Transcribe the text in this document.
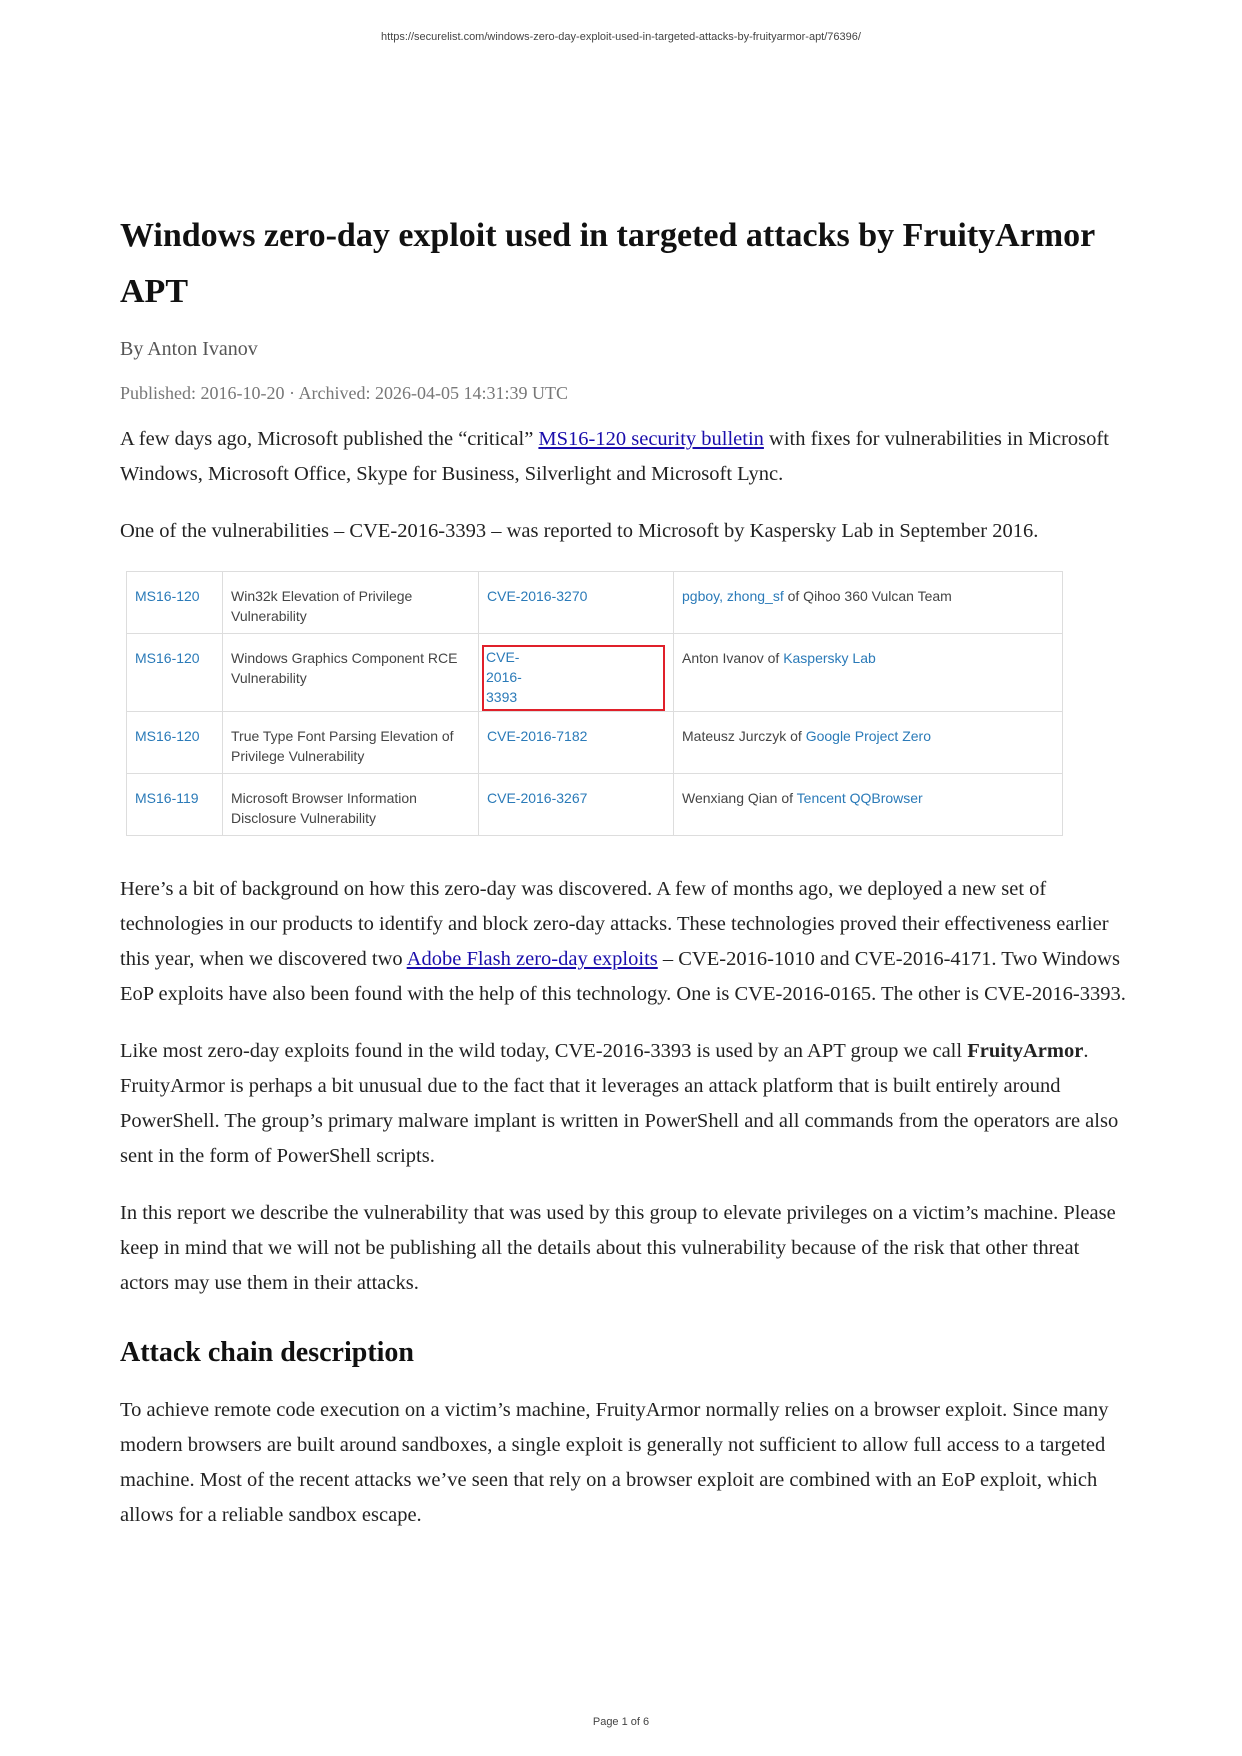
https://securelist.com/windows-zero-day-exploit-used-in-targeted-attacks-by-fruityarmor-apt/76396/
Windows zero-day exploit used in targeted attacks by FruityArmor APT
By Anton Ivanov
Published: 2016-10-20 · Archived: 2026-04-05 14:31:39 UTC

A few days ago, Microsoft published the “critical” MS16-120 security bulletin with fixes for vulnerabilities in Microsoft Windows, Microsoft Office, Skype for Business, Silverlight and Microsoft Lync.

One of the vulnerabilities – CVE-2016-3393 – was reported to Microsoft by Kaspersky Lab in September 2016.

MS16-120	Win32k Elevation of Privilege Vulnerability	CVE-2016-3270	pgboy, zhong_sf of Qihoo 360 Vulcan Team
MS16-120	Windows Graphics Component RCE Vulnerability	CVE-2016-3393	Anton Ivanov of Kaspersky Lab
MS16-120	True Type Font Parsing Elevation of Privilege Vulnerability	CVE-2016-7182	Mateusz Jurczyk of Google Project Zero
MS16-119	Microsoft Browser Information Disclosure Vulnerability	CVE-2016-3267	Wenxiang Qian of Tencent QQBrowser

Here’s a bit of background on how this zero-day was discovered. A few of months ago, we deployed a new set of technologies in our products to identify and block zero-day attacks. These technologies proved their effectiveness earlier this year, when we discovered two Adobe Flash zero-day exploits – CVE-2016-1010 and CVE-2016-4171. Two Windows EoP exploits have also been found with the help of this technology. One is CVE-2016-0165. The other is CVE-2016-3393.

Like most zero-day exploits found in the wild today, CVE-2016-3393 is used by an APT group we call FruityArmor. FruityArmor is perhaps a bit unusual due to the fact that it leverages an attack platform that is built entirely around PowerShell. The group’s primary malware implant is written in PowerShell and all commands from the operators are also sent in the form of PowerShell scripts.

In this report we describe the vulnerability that was used by this group to elevate privileges on a victim’s machine. Please keep in mind that we will not be publishing all the details about this vulnerability because of the risk that other threat actors may use them in their attacks.

Attack chain description

To achieve remote code execution on a victim’s machine, FruityArmor normally relies on a browser exploit. Since many modern browsers are built around sandboxes, a single exploit is generally not sufficient to allow full access to a targeted machine. Most of the recent attacks we’ve seen that rely on a browser exploit are combined with an EoP exploit, which allows for a reliable sandbox escape.

Page 1 of 6
